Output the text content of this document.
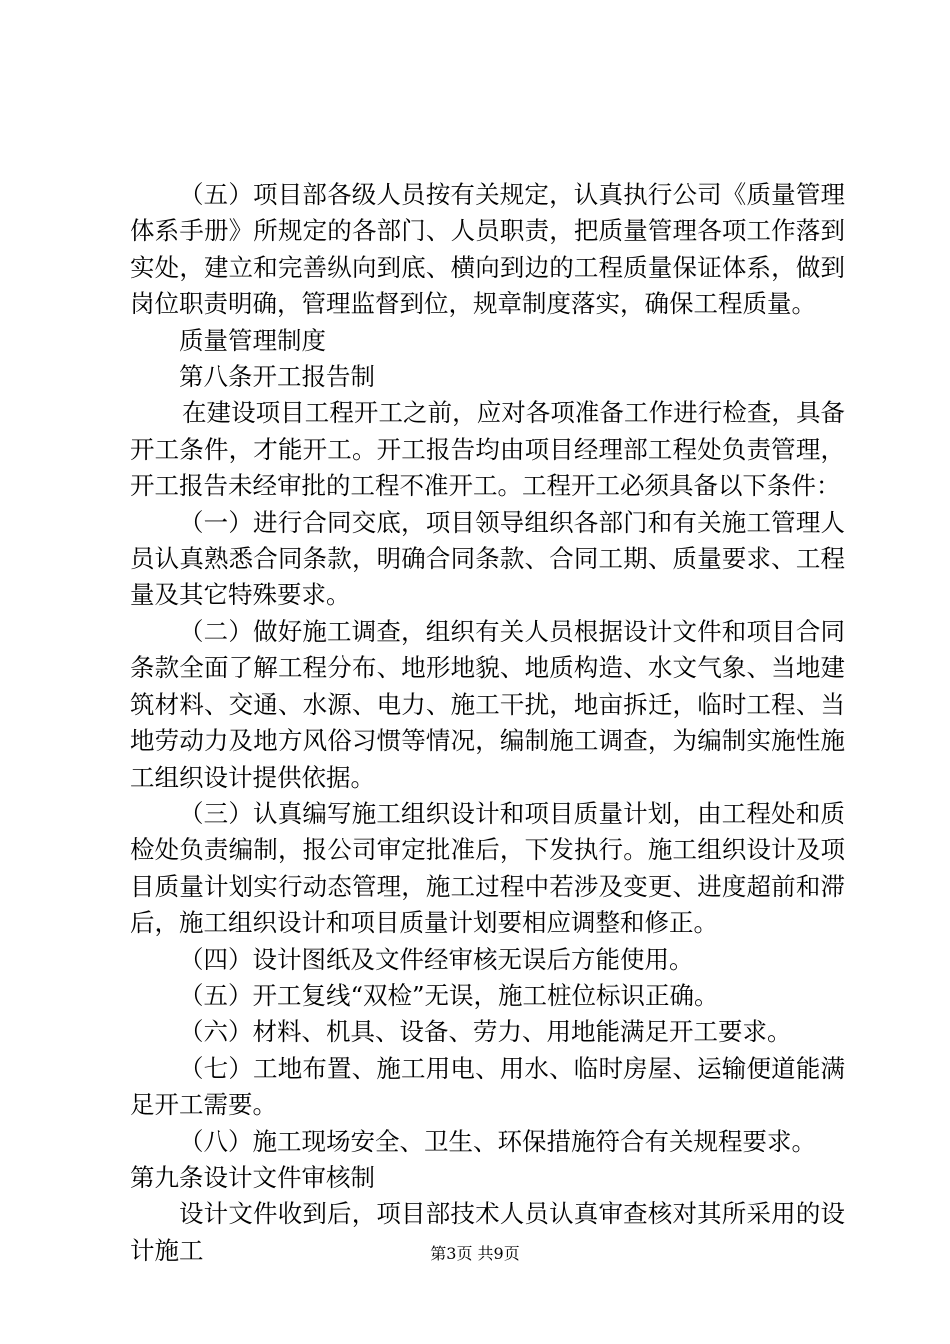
（五）项目部各级人员按有关规定，认真执行公司《质量管理体系手册》所规定的各部门、人员职责，把质量管理各项工作落到实处，建立和完善纵向到底、横向到边的工程质量保证体系，做到岗位职责明确，管理监督到位，规章制度落实，确保工程质量。

质量管理制度

第八条开工报告制

在建设项目工程开工之前，应对各项准备工作进行检查，具备开工条件，才能开工。开工报告均由项目经理部工程处负责管理，开工报告未经审批的工程不准开工。工程开工必须具备以下条件：

（一）进行合同交底，项目领导组织各部门和有关施工管理人员认真熟悉合同条款，明确合同条款、合同工期、质量要求、工程量及其它特殊要求。

（二）做好施工调查，组织有关人员根据设计文件和项目合同条款全面了解工程分布、地形地貌、地质构造、水文气象、当地建筑材料、交通、水源、电力、施工干扰，地亩拆迁，临时工程、当地劳动力及地方风俗习惯等情况，编制施工调查，为编制实施性施工组织设计提供依据。

（三）认真编写施工组织设计和项目质量计划，由工程处和质检处负责编制，报公司审定批准后，下发执行。施工组织设计及项目质量计划实行动态管理，施工过程中若涉及变更、进度超前和滞后，施工组织设计和项目质量计划要相应调整和修正。

（四）设计图纸及文件经审核无误后方能使用。

（五）开工复线“双检”无误，施工桩位标识正确。

（六）材料、机具、设备、劳力、用地能满足开工要求。

（七）工地布置、施工用电、用水、临时房屋、运输便道能满足开工需要。

（八）施工现场安全、卫生、环保措施符合有关规程要求。

第九条设计文件审核制

设计文件收到后，项目部技术人员认真审查核对其所采用的设计施工	第3页 共9页
